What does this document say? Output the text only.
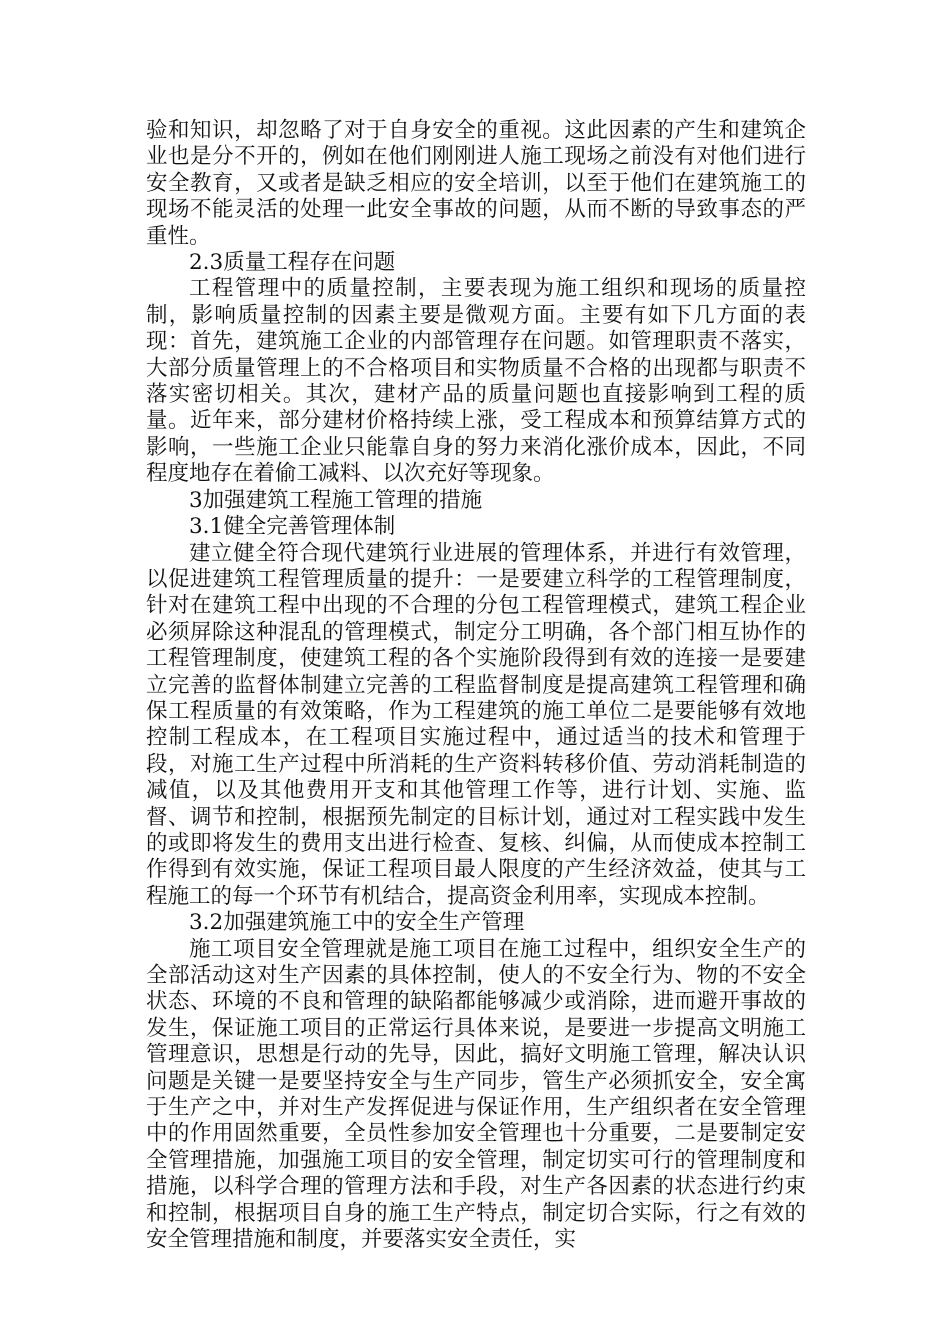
验和知识，却忽略了对于自身安全的重视。这此因素的产生和建筑企业也是分不开的，例如在他们刚刚进人施工现场之前没有对他们进行安全教育，又或者是缺乏相应的安全培训，以至于他们在建筑施工的现场不能灵活的处理一此安全事故的问题，从而不断的导致事态的严重性。

2.3质量工程存在问题

工程管理中的质量控制，主要表现为施工组织和现场的质量控制，影响质量控制的因素主要是微观方面。主要有如下几方面的表现：首先，建筑施工企业的内部管理存在问题。如管理职责不落实，大部分质量管理上的不合格项目和实物质量不合格的出现都与职责不落实密切相关。其次，建材产品的质量问题也直接影响到工程的质量。近年来，部分建材价格持续上涨，受工程成本和预算结算方式的影响，一些施工企业只能靠自身的努力来消化涨价成本，因此，不同程度地存在着偷工减料、以次充好等现象。

3加强建筑工程施工管理的措施

3.1健全完善管理体制

建立健全符合现代建筑行业进展的管理体系，并进行有效管理，以促进建筑工程管理质量的提升：一是要建立科学的工程管理制度，针对在建筑工程中出现的不合理的分包工程管理模式，建筑工程企业必须屏除这种混乱的管理模式，制定分工明确，各个部门相互协作的工程管理制度，使建筑工程的各个实施阶段得到有效的连接一是要建立完善的监督体制建立完善的工程监督制度是提高建筑工程管理和确保工程质量的有效策略，作为工程建筑的施工单位二是要能够有效地控制工程成本，在工程项目实施过程中，通过适当的技术和管理于段，对施工生产过程中所消耗的生产资料转移价值、劳动消耗制造的减值，以及其他费用开支和其他管理工作等，进行计划、实施、监督、调节和控制，根据预先制定的目标计划，通过对工程实践中发生的或即将发生的费用支出进行检查、复核、纠偏，从而使成本控制工作得到有效实施，保证工程项目最人限度的产生经济效益，使其与工程施工的每一个环节有机结合，提高资金利用率，实现成本控制。

3.2加强建筑施工中的安全生产管理

施工项目安全管理就是施工项目在施工过程中，组织安全生产的全部活动这对生产因素的具体控制，使人的不安全行为、物的不安全状态、环境的不良和管理的缺陷都能够减少或消除，进而避开事故的发生，保证施工项目的正常运行具体来说，是要进一步提高文明施工管理意识，思想是行动的先导，因此，搞好文明施工管理，解决认识问题是关键一是要坚持安全与生产同步，管生产必须抓安全，安全寓于生产之中，并对生产发挥促进与保证作用，生产组织者在安全管理中的作用固然重要，全员性参加安全管理也十分重要，二是要制定安全管理措施，加强施工项目的安全管理，制定切实可行的管理制度和措施，以科学合理的管理方法和手段，对生产各因素的状态进行约束和控制，根据项目自身的施工生产特点，制定切合实际，行之有效的安全管理措施和制度，并要落实安全责任，实
